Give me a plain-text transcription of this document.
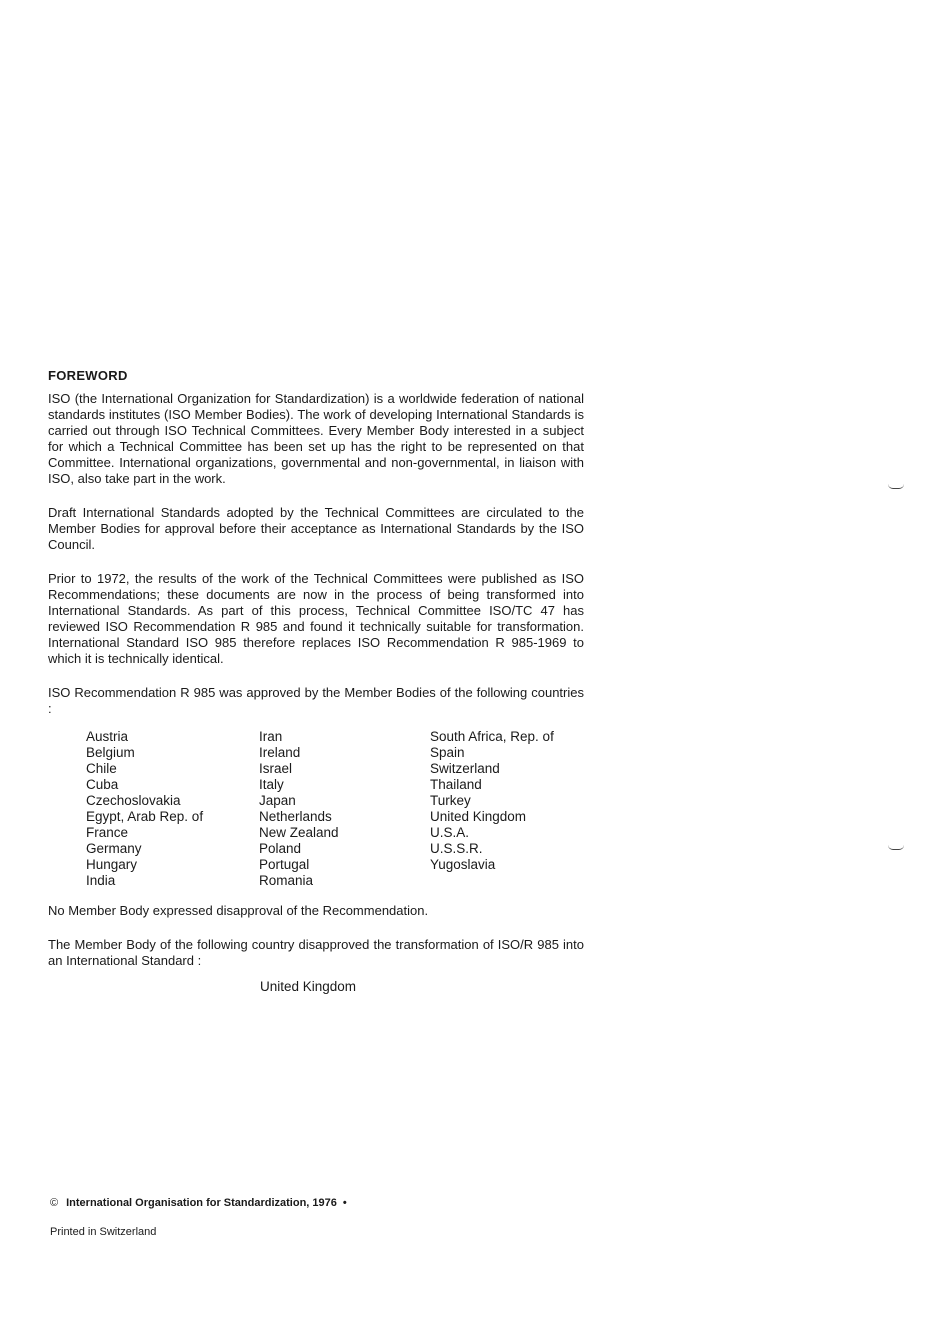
FOREWORD

ISO (the International Organization for Standardization) is a worldwide federation of national standards institutes (ISO Member Bodies). The work of developing International Standards is carried out through ISO Technical Committees. Every Member Body interested in a subject for which a Technical Committee has been set up has the right to be represented on that Committee. International organizations, governmental and non-governmental, in liaison with ISO, also take part in the work.

Draft International Standards adopted by the Technical Committees are circulated to the Member Bodies for approval before their acceptance as International Standards by the ISO Council.

Prior to 1972, the results of the work of the Technical Committees were published as ISO Recommendations; these documents are now in the process of being transformed into International Standards. As part of this process, Technical Committee ISO/TC 47 has reviewed ISO Recommendation R 985 and found it technically suitable for transformation. International Standard ISO 985 therefore replaces ISO Recommendation R 985-1969 to which it is technically identical.

ISO Recommendation R 985 was approved by the Member Bodies of the following countries :

Austria
Belgium
Chile
Cuba
Czechoslovakia
Egypt, Arab Rep. of
France
Germany
Hungary
India
Iran
Ireland
Israel
Italy
Japan
Netherlands
New Zealand
Poland
Portugal
Romania
South Africa, Rep. of
Spain
Switzerland
Thailand
Turkey
United Kingdom
U.S.A.
U.S.S.R.
Yugoslavia

No Member Body expressed disapproval of the Recommendation.

The Member Body of the following country disapproved the transformation of ISO/R 985 into an International Standard :

United Kingdom
© International Organisation for Standardization, 1976 •
Printed in Switzerland
